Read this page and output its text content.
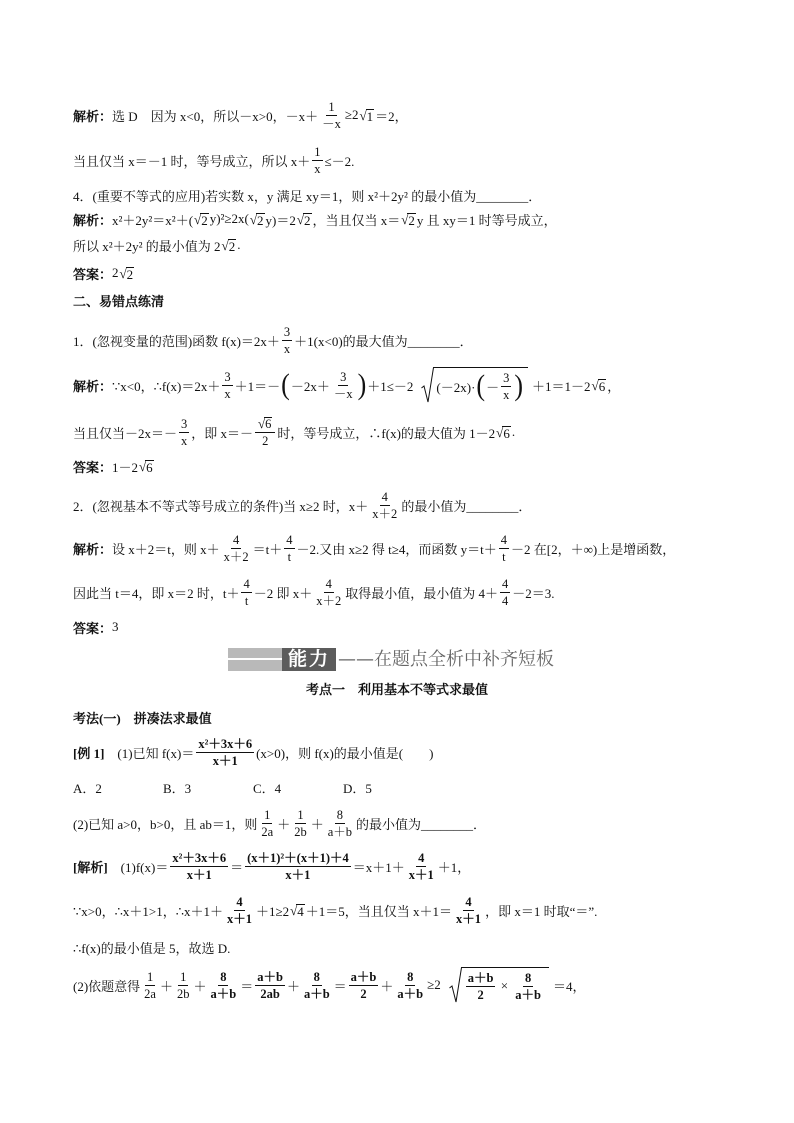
解析： 选 D　因为 x<0，所以－x>0，$-x+ \frac{1}{-x} \ge 2$ √ 1 ＝2，
当且仅当 x＝－1 时，等号成立，所以 $x+ \frac{1}{x} \le-2$.
4．(重要不等式的应用)若实数 x，y 满足 xy＝1，则 x²＋2y² 的最小值为________．
解析： x²＋2y²＝x²＋( √ 2 y)²≥2x( √ 2 y)＝2 √ 2 ，当且仅当 x＝ √ 2 y 且 xy＝1 时等号成立，
所以 x²＋2y² 的最小值为 2 √ 2 .
答案： 2 √ 2
二、易错点练清
1．(忽视变量的范围)函数 $f(x)=2x+ \frac{3}{x} +1(x<0)$的最大值为________．
解析： ∵x<0，∴f(x)＝2x＋ $\frac{3}{x} +1=-$ ( $-2x+ \frac{3}{-x}$ ) ＋1≤－2 (－2x)· ( － $\frac{3}{x}$ ) ＋1＝1－2 √ 6 ，
当且仅当$-2x=- \frac{3}{x}$ ，即 x＝－ √ $\frac{6}{2}$ 时，等号成立，∴f(x)的最大值为 1－2 √ 6 .
答案： 1－2 √ 6
2．(忽视基本不等式等号成立的条件)当 x≥2 时，$x+ \frac{4}{x+2}$ 的最小值为________．
解析： 设 x＋2＝t，则 $x+ \frac{4}{x+2} =t+ \frac{4}{t} -2$.又由 x≥2 得 t≥4，而函数 $y=t+ \frac{4}{t} -2$ 在[2，＋∞)上是增函数，
因此当 t＝4，即 x＝2 时，$t+ \frac{4}{t} -2$ 即 $x+ \frac{4}{x+2}$ 取得最小值，最小值为 $4+ \frac{4}{4} -2=3$.
答案： 3
能力 ——在题点全析中补齐短板
考点一　利用基本不等式求最值
考法(一)　拼凑法求最值
[例 1] 　(1)已知 $f(x)= \frac{\text{x²＋3x＋6}}{x+1} (x>0)$，则 f(x)的最小值是(　　)
A．2	B．3	C．4	D．5
(2)已知 a>0，b>0，且 ab＝1，则 $\frac{1}{2a} + \frac{1}{2b} + \frac{8}{a+b}$ 的最小值为________．
[解析] 　$(1)f(x)= \frac{\text{x²＋3x＋6}}{x+1} = \frac{\text{(x＋1)²＋(x＋1)＋4}}{x+1} =x+1+ \frac{4}{x+1} +1$，
∵x>0，∴x＋1>1，∴x＋1＋ $\frac{4}{x+1} +1\ge 2$ √ 4 ＋1＝5，当且仅当 $x+1= \frac{4}{x+1}$ ，即 x＝1 时取“＝”.
∴f(x)的最小值是 5，故选 D.
(2)依题意得 $\frac{1}{2a} + \frac{1}{2b} + \frac{8}{a+b} = \frac{a+b}{2ab} + \frac{8}{a+b} = \frac{a+b}{2} + \frac{8}{a+b} \ge 2 \frac{a+b}{2} \times \frac{8}{a+b} =4$，
